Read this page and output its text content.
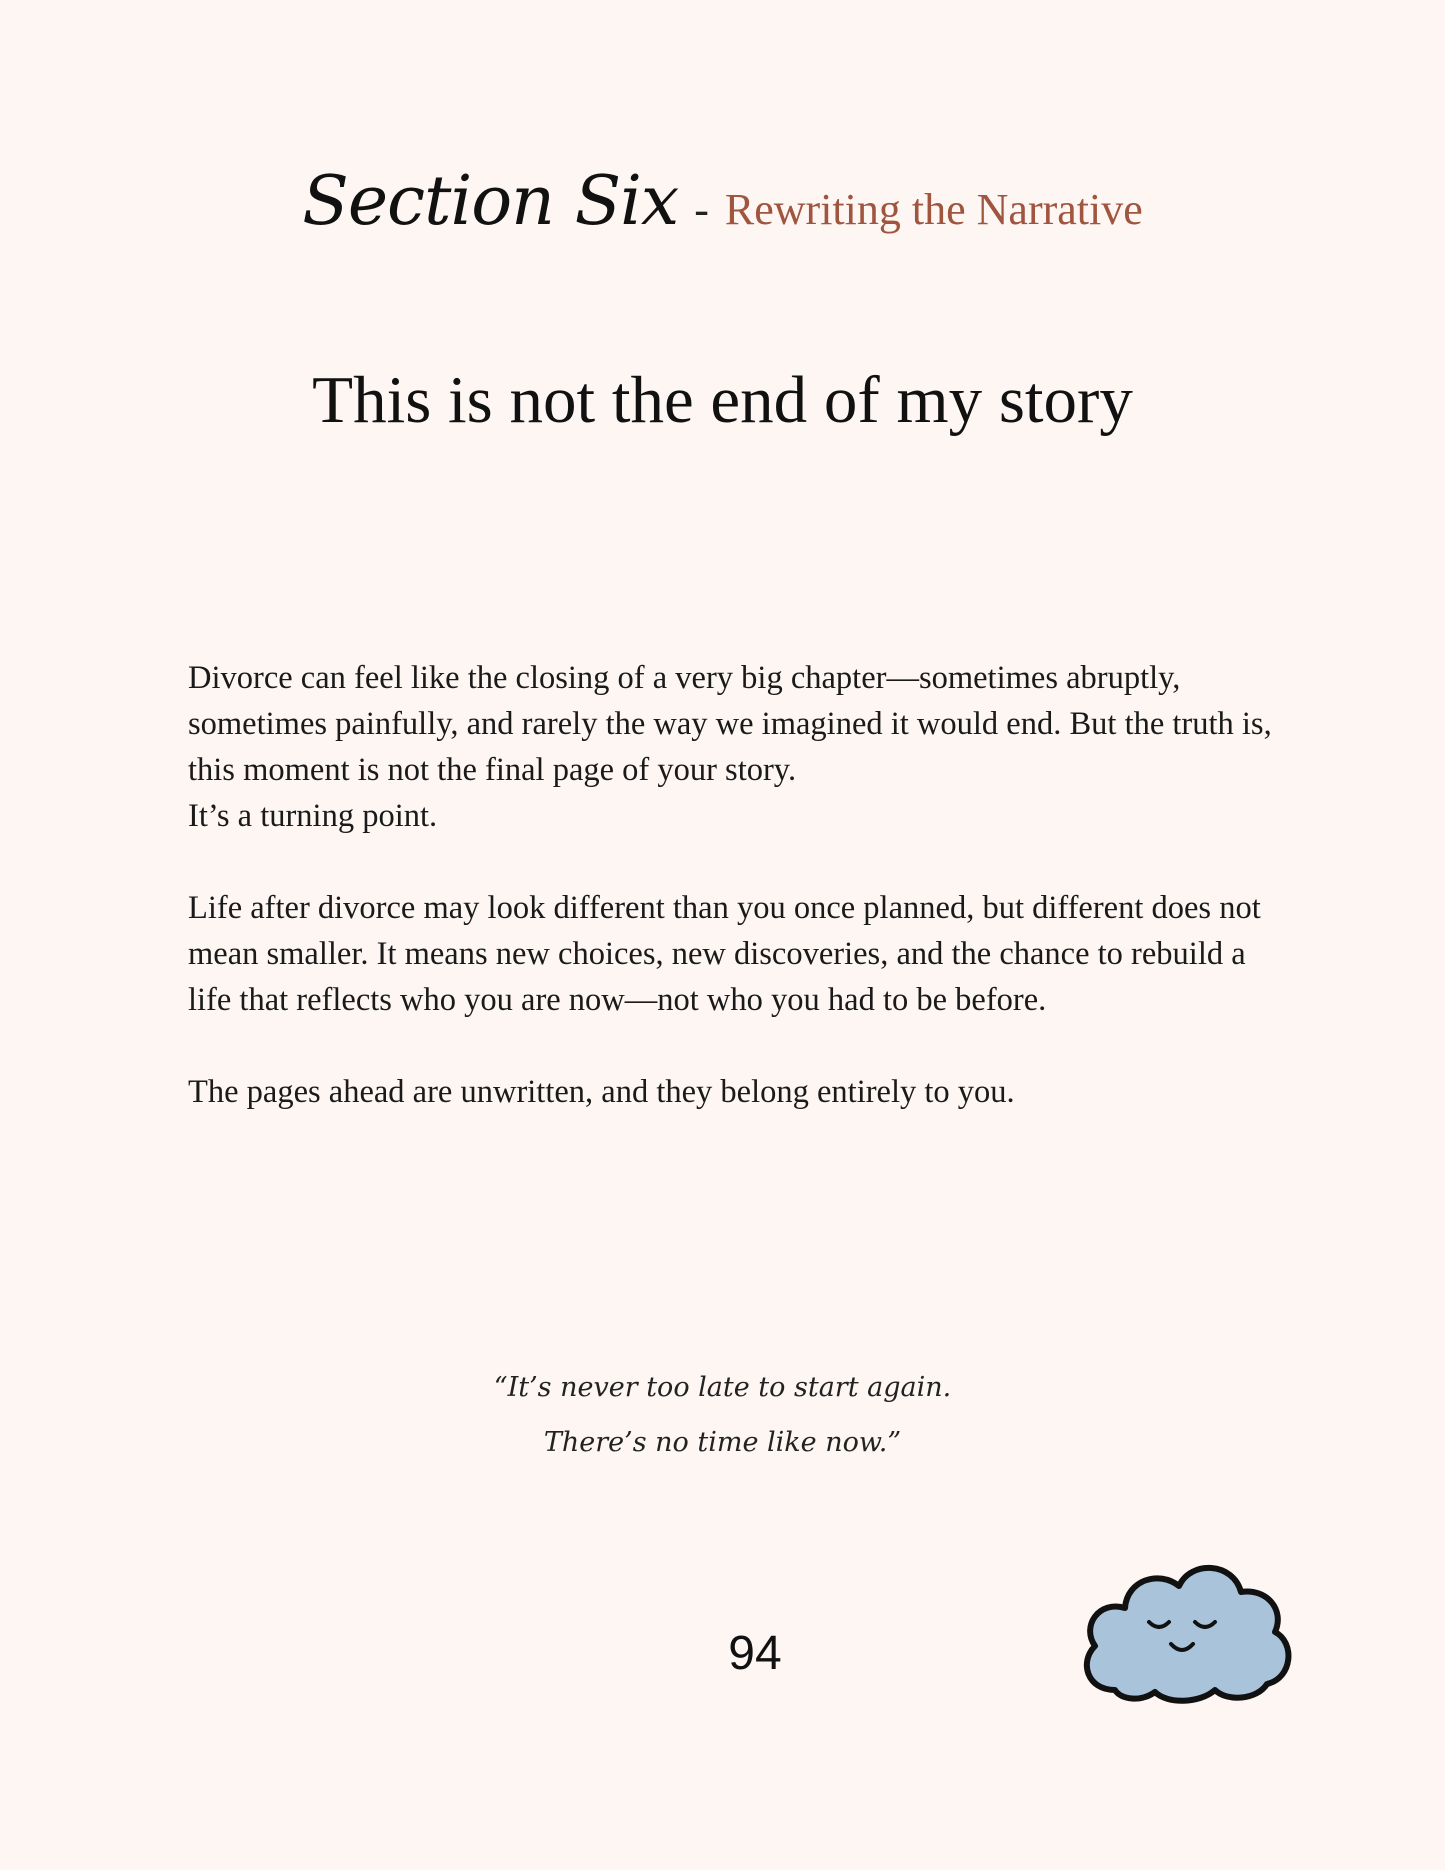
Section Six - Rewriting the Narrative
This is not the end of my story

Divorce can feel like the closing of a very big chapter—sometimes abruptly, sometimes painfully, and rarely the way we imagined it would end. But the truth is, this moment is not the final page of your story.
It’s a turning point.

Life after divorce may look different than you once planned, but different does not mean smaller. It means new choices, new discoveries, and the chance to rebuild a life that reflects who you are now—not who you had to be before.

The pages ahead are unwritten, and they belong entirely to you.

“It’s never too late to start again.
There’s no time like now.”
94
